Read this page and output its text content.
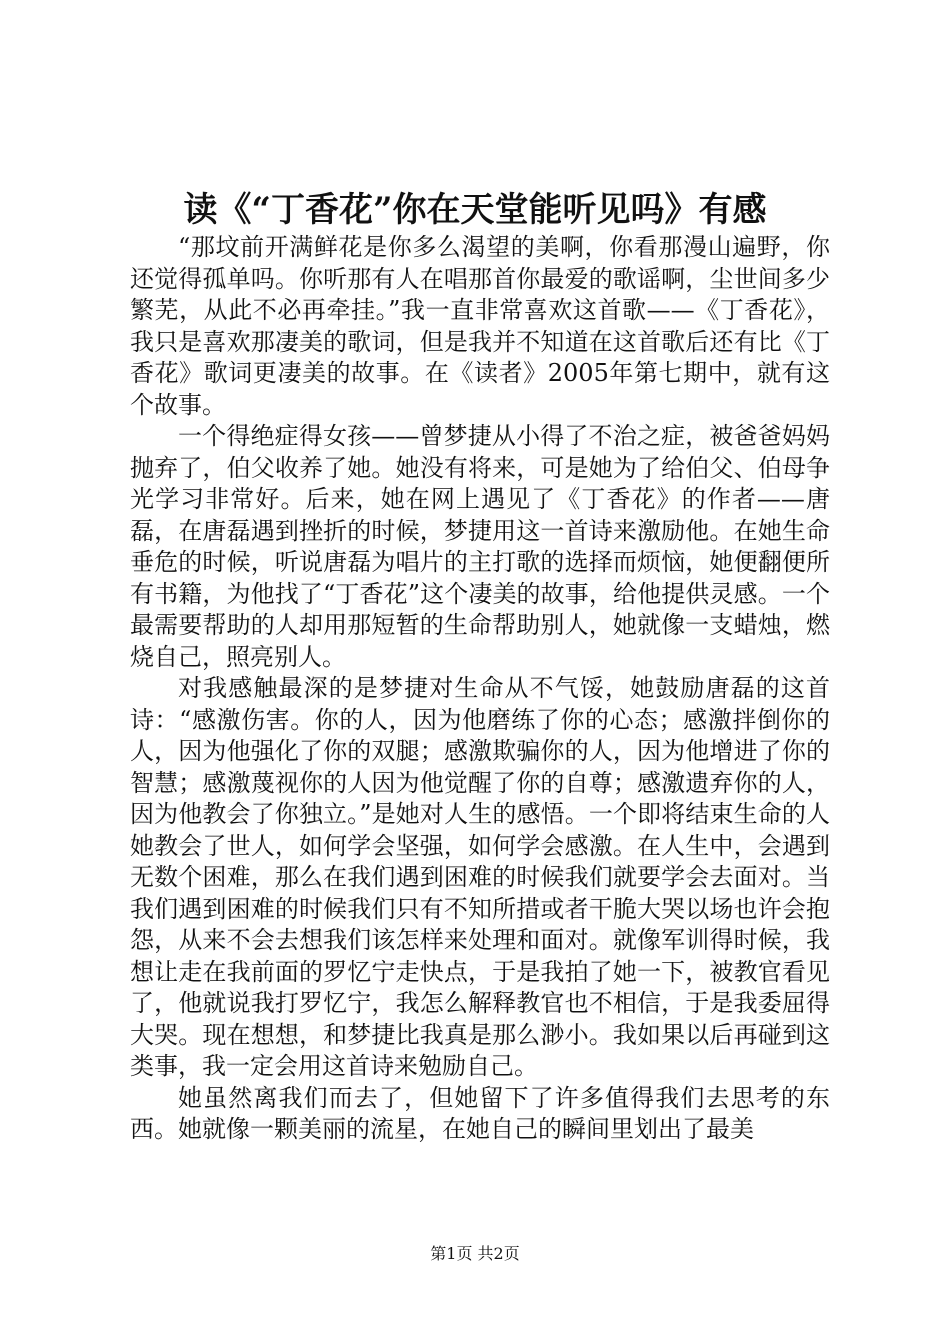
读《“丁香花”你在天堂能听见吗》有感

“那坟前开满鲜花是你多么渴望的美啊，你看那漫山遍野，你还觉得孤单吗。你听那有人在唱那首你最爱的歌谣啊，尘世间多少繁芜，从此不必再牵挂。”我一直非常喜欢这首歌——《丁香花》，我只是喜欢那凄美的歌词，但是我并不知道在这首歌后还有比《丁香花》歌词更凄美的故事。在《读者》2005年第七期中，就有这个故事。

一个得绝症得女孩——曾梦捷从小得了不治之症，被爸爸妈妈抛弃了，伯父收养了她。她没有将来，可是她为了给伯父、伯母争光学习非常好。后来，她在网上遇见了《丁香花》的作者——唐磊，在唐磊遇到挫折的时候，梦捷用这一首诗来激励他。在她生命垂危的时候，听说唐磊为唱片的主打歌的选择而烦恼，她便翻便所有书籍，为他找了“丁香花”这个凄美的故事，给他提供灵感。一个最需要帮助的人却用那短暂的生命帮助别人，她就像一支蜡烛，燃烧自己，照亮别人。

对我感触最深的是梦捷对生命从不气馁，她鼓励唐磊的这首诗：“感激伤害。你的人，因为他磨练了你的心态；感激拌倒你的人，因为他强化了你的双腿；感激欺骗你的人，因为他增进了你的智慧；感激蔑视你的人因为他觉醒了你的自尊；感激遗弃你的人，因为他教会了你独立。”是她对人生的感悟。一个即将结束生命的人她教会了世人，如何学会坚强，如何学会感激。在人生中，会遇到无数个困难，那么在我们遇到困难的时候我们就要学会去面对。当我们遇到困难的时候我们只有不知所措或者干脆大哭以场也许会抱怨，从来不会去想我们该怎样来处理和面对。就像军训得时候，我想让走在我前面的罗忆宁走快点，于是我拍了她一下，被教官看见了，他就说我打罗忆宁，我怎么解释教官也不相信，于是我委屈得大哭。现在想想，和梦捷比我真是那么渺小。我如果以后再碰到这类事，我一定会用这首诗来勉励自己。

她虽然离我们而去了，但她留下了许多值得我们去思考的东西。她就像一颗美丽的流星，在她自己的瞬间里划出了最美

第1页 共2页
